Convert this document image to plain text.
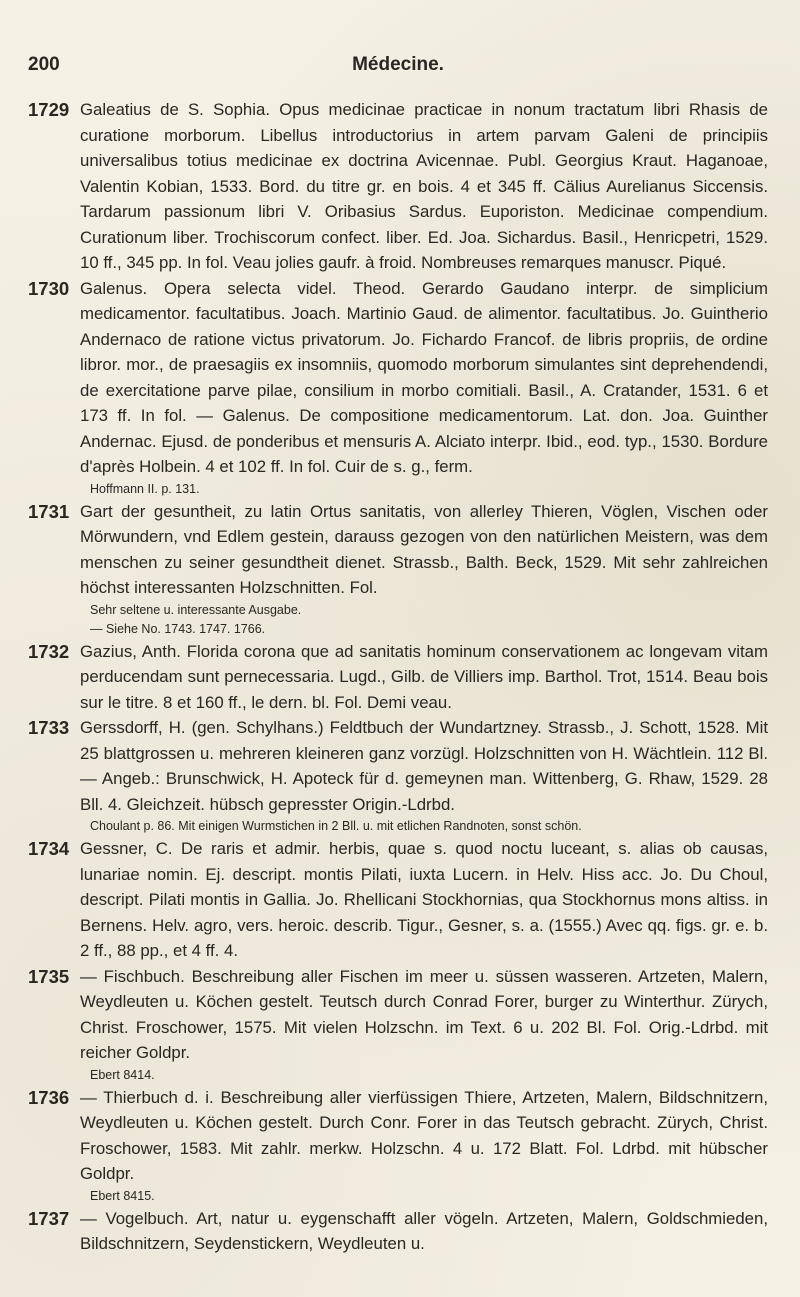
200	Médecine.
1729 Galeatius de S. Sophia. Opus medicinae practicae in nonum tractatum libri Rhasis de curatione morborum. Libellus introductorius in artem parvam Galeni de principiis universalibus totius medicinae ex doctrina Avicennae. Publ. Georgius Kraut. Haganoae, Valentin Kobian, 1533. Bord. du titre gr. en bois. 4 et 345 ff. Cälius Aurelianus Siccensis. Tardarum passionum libri V. Oribasius Sardus. Euporiston. Medicinae compendium. Curationum liber. Trochiscorum confect. liber. Ed. Joa. Sichardus. Basil., Henricpetri, 1529. 10 ff., 345 pp. In fol. Veau jolies gaufr. à froid. Nombreuses remarques manuscr. Piqué.

1730 Galenus. Opera selecta videl. Theod. Gerardo Gaudano interpr. de simplicium medicamentor. facultatibus. Joach. Martinio Gaud. de alimentor. facultatibus. Jo. Guintherio Andernaco de ratione victus privatorum. Jo. Fichardo Francof. de libris propriis, de ordine libror. mor., de praesagiis ex insomniis, quomodo morborum simulantes sint deprehendendi, de exercitatione parve pilae, consilium in morbo comitiali. Basil., A. Cratander, 1531. 6 et 173 ff. In fol. — Galenus. De compositione medicamentorum. Lat. don. Joa. Guinther Andernac. Ejusd. de ponderibus et mensuris A. Alciato interpr. Ibid., eod. typ., 1530. Bordure d'après Holbein. 4 et 102 ff. In fol. Cuir de s. g., ferm.

Hoffmann II. p. 131.

1731 Gart der gesuntheit, zu latin Ortus sanitatis, von allerley Thieren, Vöglen, Vischen oder Mörwundern, vnd Edlem gestein, darauss gezogen von den natürlichen Meistern, was dem menschen zu seiner gesundtheit dienet. Strassb., Balth. Beck, 1529. Mit sehr zahlreichen höchst interessanten Holzschnitten. Fol.

Sehr seltene u. interessante Ausgabe.

— Siehe No. 1743. 1747. 1766.

1732 Gazius, Anth. Florida corona que ad sanitatis hominum conservationem ac longevam vitam perducendam sunt pernecessaria. Lugd., Gilb. de Villiers imp. Barthol. Trot, 1514. Beau bois sur le titre. 8 et 160 ff., le dern. bl. Fol. Demi veau.

1733 Gerssdorff, H. (gen. Schylhans.) Feldtbuch der Wundartzney. Strassb., J. Schott, 1528. Mit 25 blattgrossen u. mehreren kleineren ganz vorzügl. Holzschnitten von H. Wächtlein. 112 Bl. — Angeb.: Brunschwick, H. Apoteck für d. gemeynen man. Wittenberg, G. Rhaw, 1529. 28 Bll. 4. Gleichzeit. hübsch gepresster Origin.-Ldrbd.

Choulant p. 86. Mit einigen Wurmstichen in 2 Bll. u. mit etlichen Randnoten, sonst schön.

1734 Gessner, C. De raris et admir. herbis, quae s. quod noctu luceant, s. alias ob causas, lunariae nomin. Ej. descript. montis Pilati, iuxta Lucern. in Helv. Hiss acc. Jo. Du Choul, descript. Pilati montis in Gallia. Jo. Rhellicani Stockhornias, qua Stockhornus mons altiss. in Bernens. Helv. agro, vers. heroic. describ. Tigur., Gesner, s. a. (1555.) Avec qq. figs. gr. e. b. 2 ff., 88 pp., et 4 ff. 4.

1735 — Fischbuch. Beschreibung aller Fischen im meer u. süssen wasseren. Artzeten, Malern, Weydleuten u. Köchen gestelt. Teutsch durch Conrad Forer, burger zu Winterthur. Zürych, Christ. Froschower, 1575. Mit vielen Holzschn. im Text. 6 u. 202 Bl. Fol. Orig.-Ldrbd. mit reicher Goldpr.

Ebert 8414.

1736 — Thierbuch d. i. Beschreibung aller vierfüssigen Thiere, Artzeten, Malern, Bildschnitzern, Weydleuten u. Köchen gestelt. Durch Conr. Forer in das Teutsch gebracht. Zürych, Christ. Froschower, 1583. Mit zahlr. merkw. Holzschn. 4 u. 172 Blatt. Fol. Ldrbd. mit hübscher Goldpr.

Ebert 8415.

1737 — Vogelbuch. Art, natur u. eygenschafft aller vögeln. Artzeten, Malern, Goldschmieden, Bildschnitzern, Seydenstickern, Weydleuten u.
